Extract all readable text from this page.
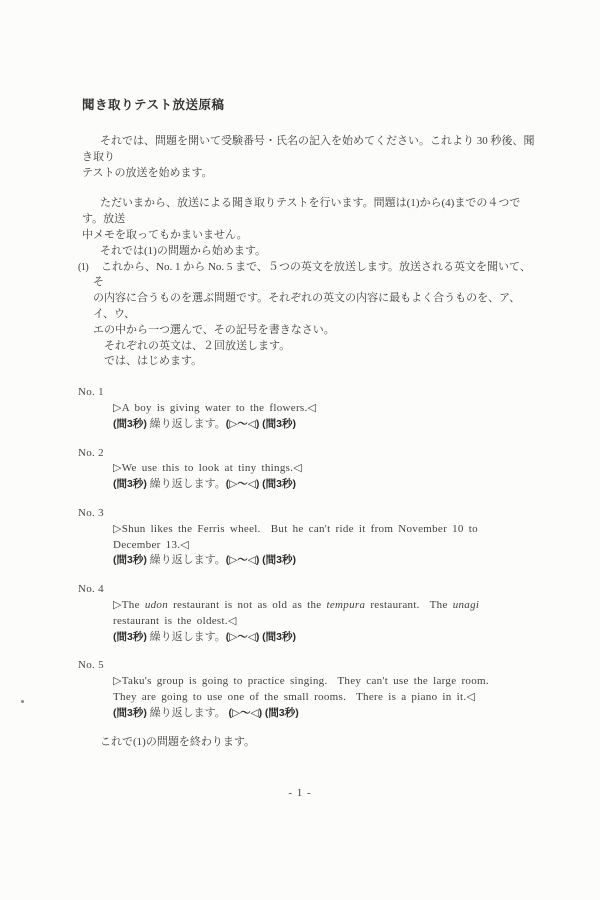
聞き取りテスト放送原稿
それでは、問題を開いて受験番号・氏名の記入を始めてください。これより 30 秒後、聞き取り
テストの放送を始めます。
ただいまから、放送による聞き取りテストを行います。問題は(1)から(4)までの４つです。放送
中メモを取ってもかまいません。
それでは(1)の問題から始めます。
(1)	これから、No. 1 から No. 5 まで、５つの英文を放送します。放送される英文を聞いて、そ
の内容に合うものを選ぶ問題です。それぞれの英文の内容に最もよく合うものを、ア、イ、ウ、
エの中から一つ選んで、その記号を書きなさい。
それぞれの英文は、２回放送します。
では、はじめます。
No. 1
▷A boy is giving water to the flowers.◁
(間3秒) 繰り返します。(▷～◁) (間3秒)
No. 2
▷We use this to look at tiny things.◁
(間3秒) 繰り返します。(▷～◁) (間3秒)
No. 3
▷Shun likes the Ferris wheel.  But he can't ride it from November 10 to
December 13.◁
(間3秒) 繰り返します。(▷～◁) (間3秒)
No. 4
▷The udon restaurant is not as old as the tempura restaurant.  The unagi
restaurant is the oldest.◁
(間3秒) 繰り返します。(▷～◁) (間3秒)
No. 5
▷Taku's group is going to practice singing.  They can't use the large room.
They are going to use one of the small rooms.  There is a piano in it.◁
(間3秒) 繰り返します。 (▷～◁) (間3秒)
これで(1)の問題を終わります。
- 1 -
